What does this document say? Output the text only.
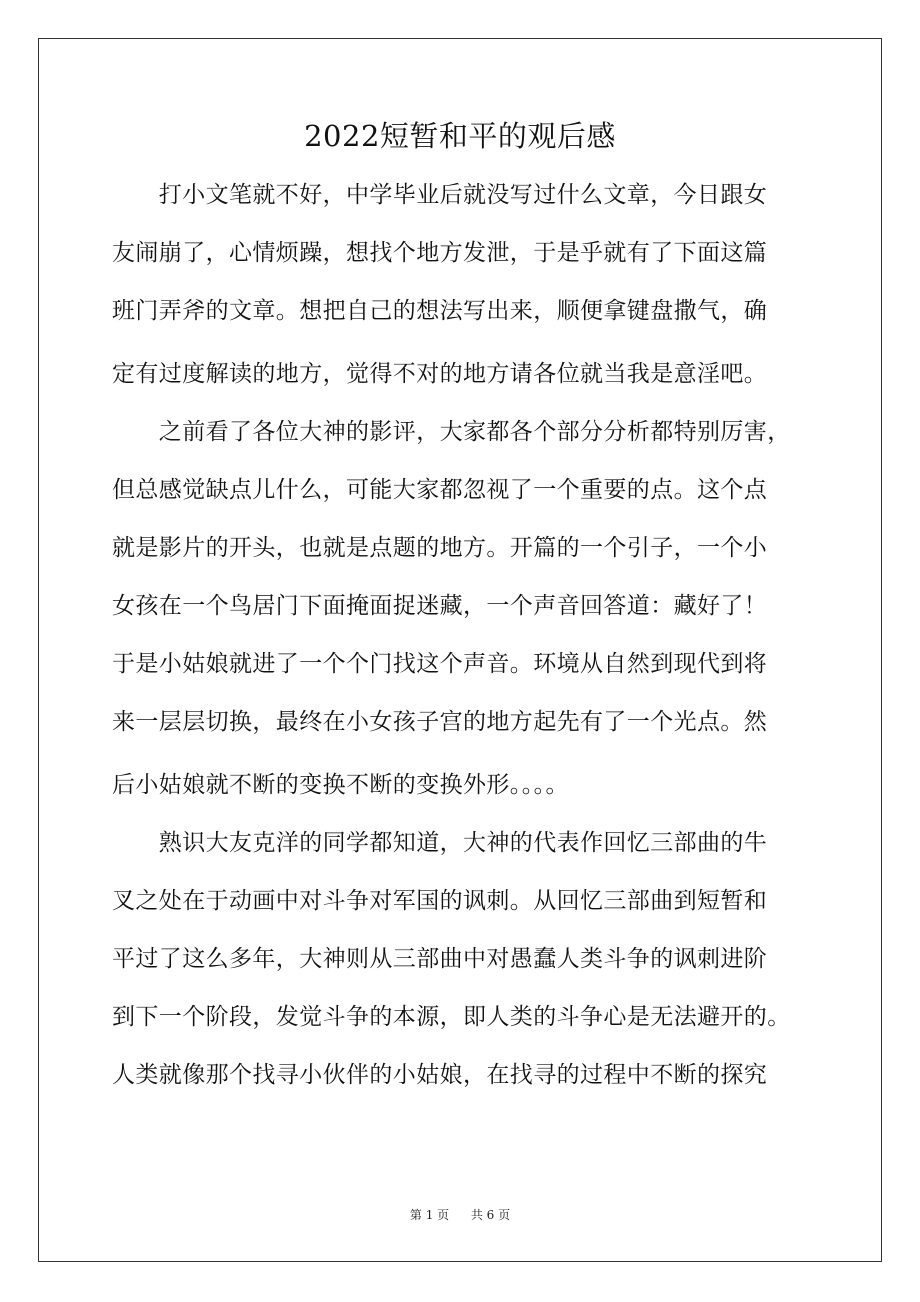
2022短暂和平的观后感
　　打小文笔就不好，中学毕业后就没写过什么文章，今日跟女
友闹崩了，心情烦躁，想找个地方发泄，于是乎就有了下面这篇
班门弄斧的文章。想把自己的想法写出来，顺便拿键盘撒气，确
定有过度解读的地方，觉得不对的地方请各位就当我是意淫吧。
　　之前看了各位大神的影评，大家都各个部分分析都特别厉害，
但总感觉缺点儿什么，可能大家都忽视了一个重要的点。这个点
就是影片的开头，也就是点题的地方。开篇的一个引子，一个小
女孩在一个鸟居门下面掩面捉迷藏，一个声音回答道：藏好了！
于是小姑娘就进了一个个门找这个声音。环境从自然到现代到将
来一层层切换，最终在小女孩子宫的地方起先有了一个光点。然
后小姑娘就不断的变换不断的变换外形。。。。
　　熟识大友克洋的同学都知道，大神的代表作回忆三部曲的牛
叉之处在于动画中对斗争对军国的讽刺。从回忆三部曲到短暂和
平过了这么多年，大神则从三部曲中对愚蠢人类斗争的讽刺进阶
到下一个阶段，发觉斗争的本源，即人类的斗争心是无法避开的。
人类就像那个找寻小伙伴的小姑娘，在找寻的过程中不断的探究
第 1 页 共 6 页
